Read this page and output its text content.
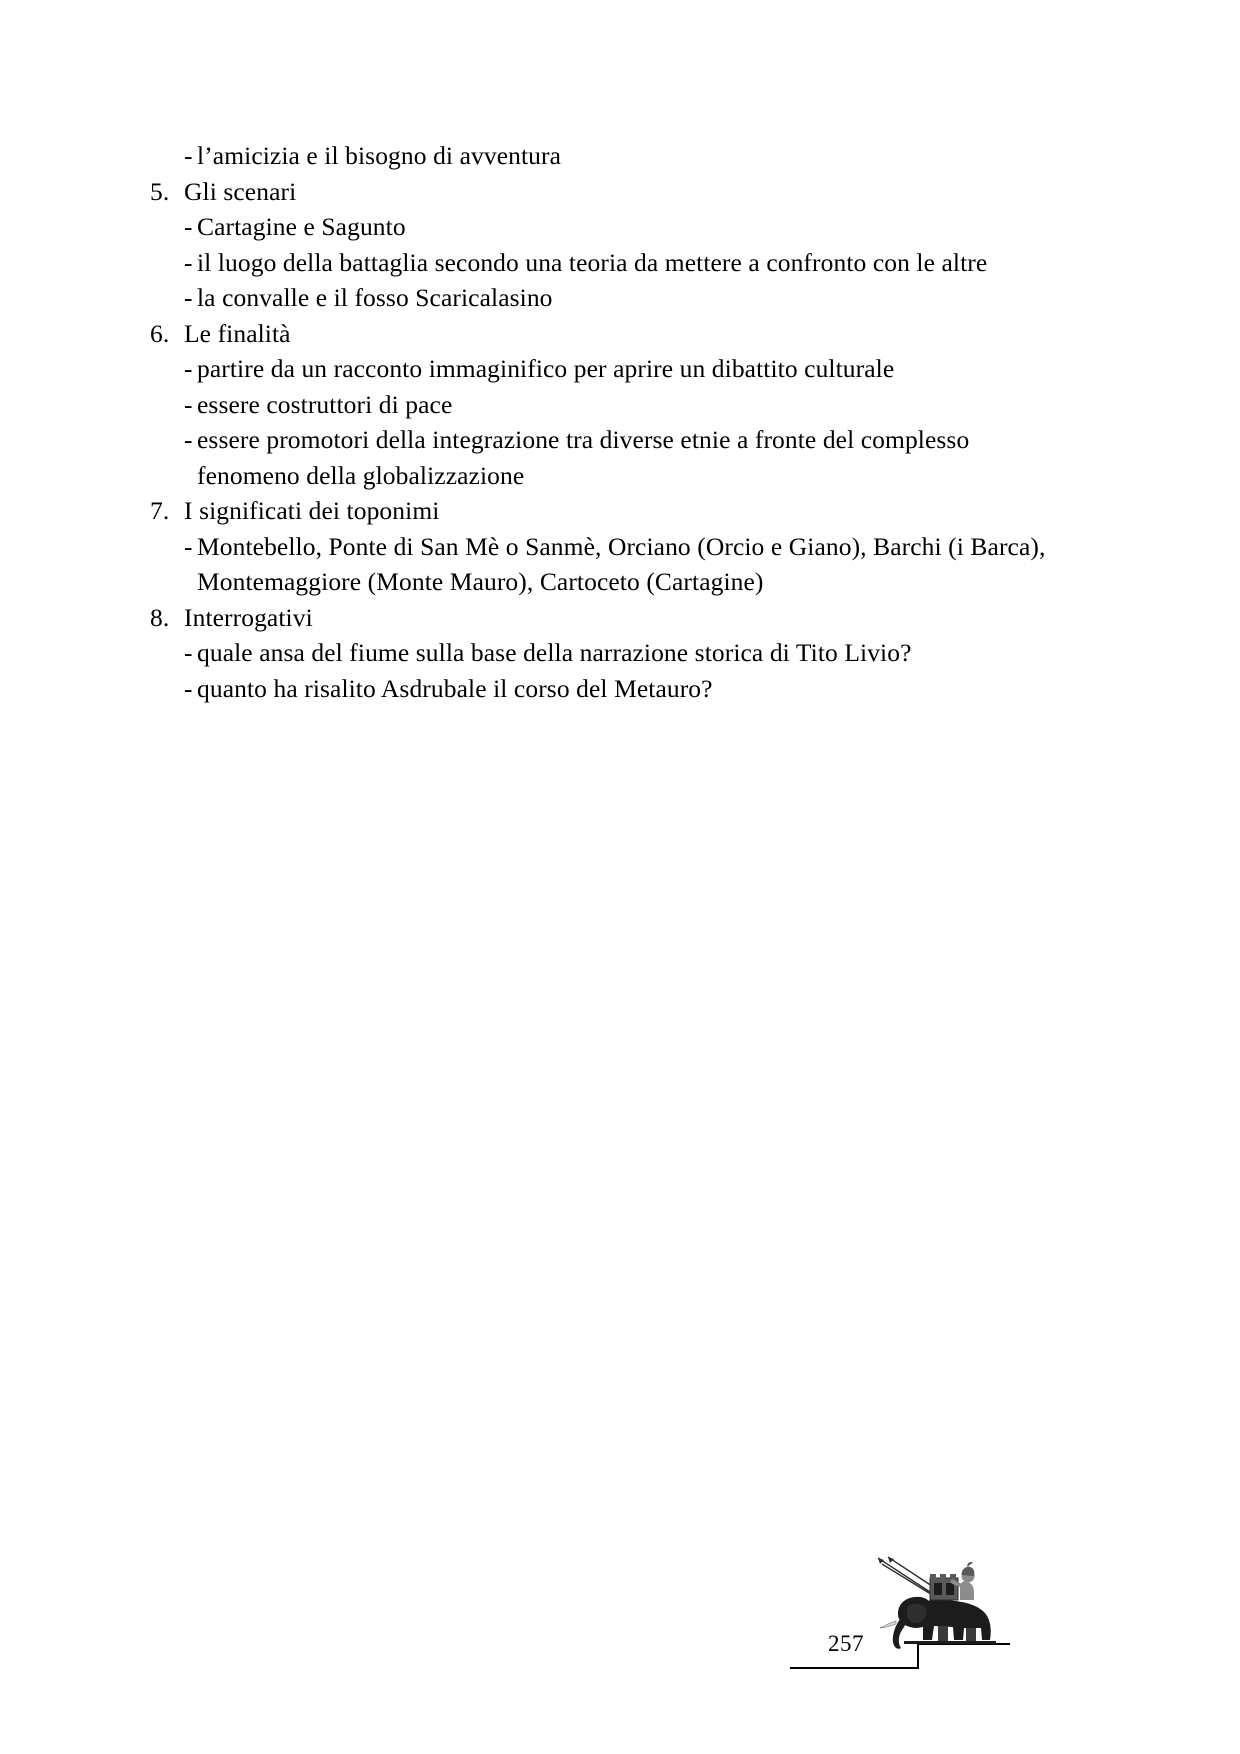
- l’amicizia e il bisogno di avventura
5. Gli scenari
- Cartagine e Sagunto
- il luogo della battaglia secondo una teoria da mettere a confronto con le altre
- la convalle e il fosso Scaricalasino
6. Le finalità
- partire da un racconto immaginifico per aprire un dibattito culturale
- essere costruttori di pace
- essere promotori della integrazione tra diverse etnie a fronte del complesso fenomeno della globalizzazione
7. I significati dei toponimi
- Montebello, Ponte di San Mè o Sanmè, Orciano (Orcio e Giano), Barchi (i Barca), Montemaggiore (Monte Mauro), Cartoceto (Cartagine)
8. Interrogativi
- quale ansa del fiume sulla base della narrazione storica di Tito Livio?
- quanto ha risalito Asdrubale il corso del Metauro?
257
